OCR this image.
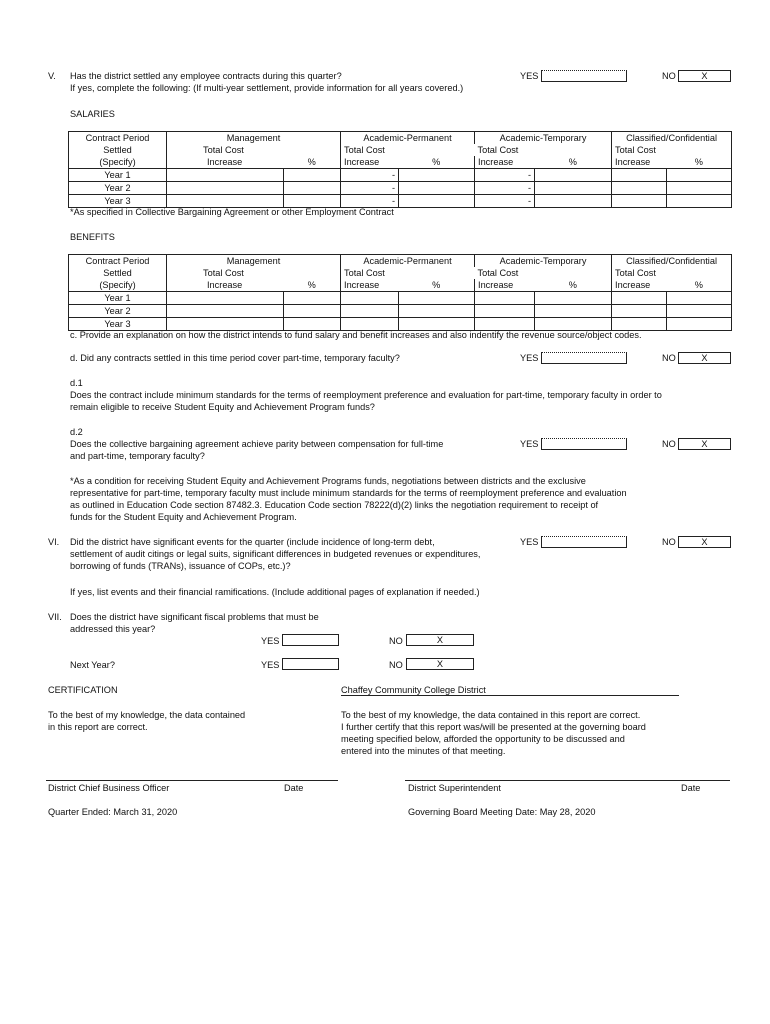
V. Has the district settled any employee contracts during this quarter?
If yes, complete the following: (If multi-year settlement, provide information for all years covered.)
YES	NO	X
SALARIES
Contract Period	Management		Academic-Permanent		Academic-Temporary		Classified/Confidential	
Settled	Total Cost		Total Cost		Total Cost		Total Cost	
(Specify)	Increase	%	Increase	%	Increase	%	Increase	%
Year 1			-		-			
Year 2			-		-			
Year 3			-		-			
*As specified in Collective Bargaining Agreement or other Employment Contract
BENEFITS
Contract Period	Management		Academic-Permanent		Academic-Temporary		Classified/Confidential	
Settled	Total Cost		Total Cost		Total Cost		Total Cost	
(Specify)	Increase	%	Increase	%	Increase	%	Increase	%
Year 1								
Year 2								
Year 3								
c. Provide an explanation on how the district intends to fund salary and benefit increases and also indentify the revenue source/object codes.
d. Did any contracts settled in this time period cover part-time, temporary faculty?	YES	NO	X
d.1
Does the contract include minimum standards for the terms of reemployment preference and evaluation for part-time, temporary faculty in order to
remain eligible to receive Student Equity and Achievement Program funds?
d.2
Does the collective bargaining agreement achieve parity between compensation for full-time
and part-time, temporary faculty?
YES	NO	X
*As a condition for receiving Student Equity and Achievement Programs funds, negotiations between districts and the exclusive
representative for part-time, temporary faculty must include minimum standards for the terms of reemployment preference and evaluation
as outlined in Education Code section 87482.3. Education Code section 78222(d)(2) links the negotiation requirement to receipt of
funds for the Student Equity and Achievement Program.
VI. Did the district have significant events for the quarter (include incidence of long-term debt,
settlement of audit citings or legal suits, significant differences in budgeted revenues or expenditures,
borrowing of funds (TRANs), issuance of COPs, etc.)?
YES	NO	X
If yes, list events and their financial ramifications. (Include additional pages of explanation if needed.)
VII. Does the district have significant fiscal problems that must be
addressed this year?
YES	NO	X
Next Year?	YES	NO	X
CERTIFICATION	Chaffey Community College District
To the best of my knowledge, the data contained
in this report are correct.
To the best of my knowledge, the data contained in this report are correct.
I further certify that this report was/will be presented at the governing board
meeting specified below, afforded the opportunity to be discussed and
entered into the minutes of that meeting.
District Chief Business Officer	Date	District Superintendent	Date
Quarter Ended: March 31, 2020	Governing Board Meeting Date: May 28, 2020
